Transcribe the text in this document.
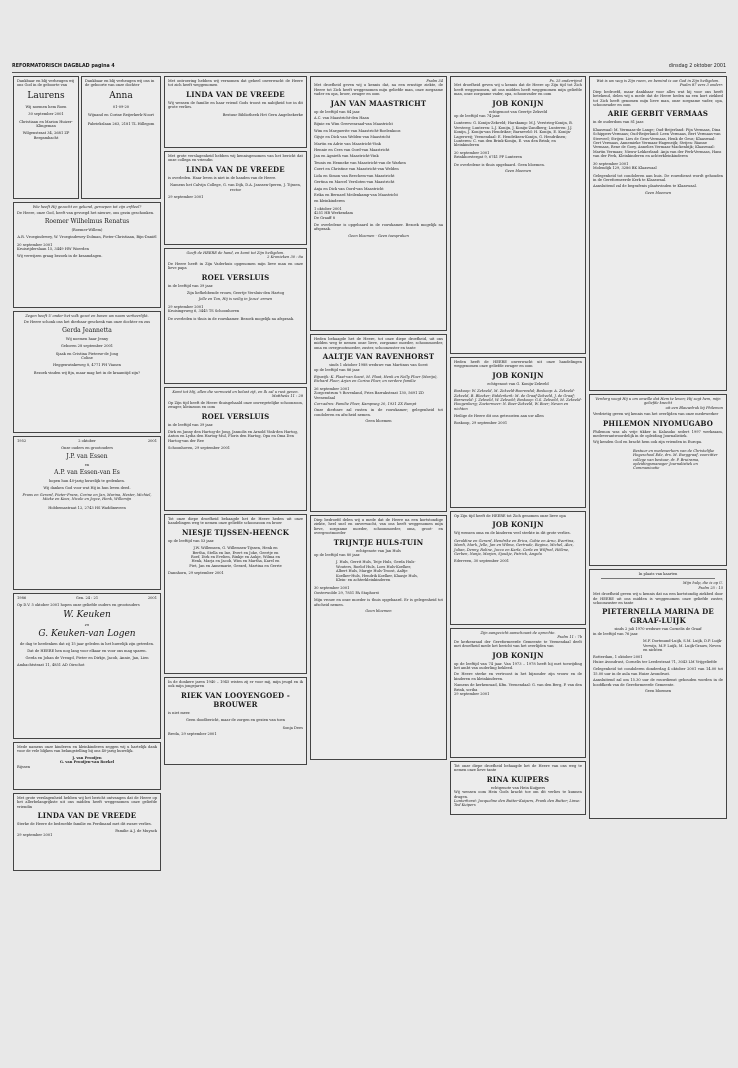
REFORMATORISCH DAGBLAD pagina 4	dinsdag 2 oktober 2001
Dankbaar en blij verheugen wij ons God in de geboorte van
Laurens
Wij noemen hem Roen
30 september 2001
Christiaan en Marion Huizer-Klingeman
Wilgenstraat 34, 2681 ZP Bergambacht
Dankbaar en blij verheugen wij ons in de geboorte van onze dochter
Anna
01-09-20
Wijnand en Corine Reijerkerk-Noort
Fabriekslaan 263, 2181 TL Hillegom
Wie heeft Hij gezocht en gekend, geroepen tot zijn erfdeel?
De Heere, onze God, heeft van gevoegd het nieuwe, ons gezin geschonken.
Roemer Wilhelmus Renatus
(Roemer-Willem)
A.R. Vroegindewey, W. Vroegindewey-Dolman, Pieter-Christiaan, Bijn-Daniël
20 september 2001
Kruisrijderslaan 15, 3449 HW Woerden
Wij verwijzen graag bezoek in de kraamdagen.
Zegen heeft U onder het volk gezet en boven uw naam verheerlijkt.
De Heere schonk ons het dierbaar geschenk van onze dochter en zus
Gerda Jeannetta
Wij noemen haar Jenny
Geboren 28 september 2001
Sjaak en Cristina Pieterse-de Jong
Coline
Heggenwinkeweg 8, 4771 PH Vianen
Bezoek vinden wij fijn, maar mag het in de kraamtijd zijn?
1952	2 oktober	2001
Onze ouders en grootouders
J.P. van Essen
en
A.P. van Essen-van Es
hopen hun 40-jarig huwelijk te gedenken.
Wij danken God voor wat Hij in hun leven deed.
Frans en Gerard, Pieter-Frans, Corine en Jan, Marina, Hester, Michiel, Mieke en Kees, Nicole en Joyce, Henk, Willemijn
Hobbemastraat 12, 2743 HS Waddinxveen
1986	Gen. 24 : 21	2001
Op D.V. 5 oktober 2001 hopen onze geliefde ouders en grootouders
W. Keuken
en
G. Keuken-van Logen
de dag te herdenken dat zij 15 jaar geleden in het huwelijk zijn getreden.
Dat de HEERE hen nog lang voor elkaar en voor ons mag sparen.
Gerda en Johan de Vreugd, Pieter en Dirkje, Jacob, Annie, Jan, Lien
Ambachtstraat 11, 4851 AD Oirschot
Mede namens onze kinderen en kleinkinderen zeggen wij u hartelijk dank voor de vele blijken van belangstelling bij ons 40-jarig huwelijk.
J. van Prooijen
G. van Prooijen-van Roekel
Rijssen
Met grote verslagenheid hebben wij het bericht ontvangen dat de Heere op het allerbelangrijkste uit ons midden heeft weggenomen onze geliefde vriendin
LINDA VAN DE VREEDE
Sterke de Heere de bedroefde familie en Ferdinand met dit zware verlies.
Familie A.J. de Muynck
29 september 2001
Met ontroering hebben wij vernomen dat geheel onverwacht de Heere tot zich heeft weggenomen
LINDA VAN DE VREEDE
Wij wensen de familie en haar vriend Gods troost en nabijheid toe in dit grote verlies.
Bestuur Bibliotheek Het Gern Angelsekerke
Met grote verslagenheid hebben wij kennisgenomen van het bericht dat onze collega en vriendin
LINDA VAN DE VREEDE
is overleden. Haar leven is niet in de handen van de Heere.
Namens het Calvijn College, G. van Dijk, D.A. Janssen-Iperen, J. Tijssen, rector
29 september 2001
Geeft de HEERE de hand, en komt tot Zijn heiligdom.
2 Kronieken 30 : 8a
De Heere heeft in Zijn Vaderhuis opgenomen mijn lieve man en onze lieve papa
ROEL VERSLUIS
in de leeftijd van 39 jaar.
Zijn liefhebbende vrouw, Geertje Versluis-den Hartog
Jelle en Ton, Hij is veilig in Jezus' armen
29 september 2001
Kruisingsweg 6, 3445 TS Schoonhoven
De overleden is thuis in de rouwkamer. Bezoek mogelijk na afspraak.
Komt tot Mij, allen die vermoeid en belast zijt, en Ik zal u rust geven.
Mattheüs 11 : 28
Op Zijn tijd heeft de Heere thuisgehaald onze onvergetelijke schoonzoon, zwager, kleinzoon en oom
ROEL VERSLUIS
in de leeftijd van 39 jaar.
Dirk en Janny den Hartog-de Jong, Jannolis en Arnold Vink-den Hartog, Anton en Lydia den Hartog-Mul, Floris den Hartog, Opa en Oma Den Hartog-van der Ree
Schoonhoven, 29 september 2001
Tot onze diepe droefheid behaagde het de Heere heden uit onze handelingen weg te nemen onze geliefde schoonzoon en broer
NIESJE TIJSSEN-HEENCK
op de leeftijd van 53 jaar.
J.W. Willemsen, G. Willemsen-Tijssen, Henk en Bertha, Stella en Ine, Evert en Joke, Geertje en Roef, Dirk en Evelien, Rinkje en Aukje, Wilma en Henk, Marja en Jacob, Wim en Martha, Karel en Piet, Jan en Annemarie, Gerard, Martina en Gerrie
Dannhorn, 29 september 2001
In de donkere jaren 1940 – 1945 wisten zij er voor mij, mijn jeugd en ik ook mijn jongejaren
RIEK VAN LOOYENGOED - BROUWER
is niet meer.
Geen doodbericht, maar de zorgen en gezien van toen
Sonja Dees
Breda, 29 september 2001
Psalm 34
Met droefheid geven wij u kennis dat, na een ernstige ziekte, de Heere tot Zich heeft weggenomen mijn geliefde man, onze zorgzame vader en opa, broer, zwager en oom
JAN VAN MAASTRICHT
op de leeftijd van 84 jaar.
A.C. van Maastricht-den Haan
Bijnie en Wim Greevenraad-van Maastricht
Wim en Marguerite van Maastricht-Roelenkoos
Gijsje en Dick van Welden-van Maastricht
Martin en Adrie van Maastricht-Vink
Hennie en Cees van Oord-van Maastricht
Jan en Agnieth van Maastricht-Vink
Teunis en Henneke van Maastricht-van de Warken
Coert en Christine van Maastricht-van Welden
Lida en Simon van Beechem-van Maastricht
Gertina en Marcel Versloten-van Maastricht
Anja en Dick van Oord-van Maastricht
Erika en Bernard Meilenkamp-van Maastricht
en kleinkinderen
1 oktober 2001
4251 HB Werkendam
De Graaff 8
De overledene is opgebaard in de rouwkamer. Bezoek mogelijk na afspraak.
Geen bloemen · Geen toespraken
Heden behaagde het de Heere, tot onze diepe droefheid, uit ons midden weg te nemen onze lieve, zorgzame moeder, schoonmoeder, oma en overgrootmoeder, zuster, schoonzuster en tante
AALTJE VAN RAVENHORST
sinds 1 oktober 1988 weduwe van Martinus van Soest
op de leeftijd van 86 jaar.
Rijswijk: K. Plaat-van Soest, M. Plaat, Henk en Nelly Ploer (Marija), Richard Ploer, Arjan en Corina Ploer, en verdere familie
26 september 2001
Zorgcentrum 't Bovenland, Fries Barrakstraat 130, 5691 ZD Veenendaal
Corr.adres: Familie Ploer, Kampweg 20, 1931 ZX Rumpt
Onze dierbare zal rusten in de rouwkamer; gelegenheid tot condoleren en afscheid nemen.
Geen bloemen
Diep bedroefd delen wij u mede dat de Heere na een kortstondige ziekte, heel snel en onverwacht, van ons heeft weggenomen mijn lieve, zorgzame moeder, schoonmoeder, oma, groot- en overgrootmoeder
TRIJNTJE HULS-TUIN
echtgenote van Jan Huls
op de leeftijd van 80 jaar.
J. Huls, Gerrit Huls, Teije Huls, Gerda Huls-Wouters, Roelof Huls, Loes Huls-Koelker, Albert Huls, Margje Huls-Troost, Aaltje Koelker-Huls, Hendrik Koelker, Klaasje Huls, Klein- en achterkleinkinderen
30 september 2001
Oosterwolde 29, 7851 PA Staphorst
Mijn vrouw en onze moeder is thuis opgebaard. Er is gelegenheid tot afscheid nemen.
Geen bloemen
Ps. 25 onderrijmd
Met droefheid geven wij u kennis dat de Heere op Zijn tijd tot Zich heeft weggenomen, uit ons midden heeft weggenomen mijn geliefde man, onze zorgzame vader, opa, schoonvader en oom
JOB KONIJN
echtgenoot van Geertje Zekveld
op de leeftijd van 74 jaar.
Lunteren: G. Konijn-Zekveld; Harskamp: M.J. Verstrieg-Konijn, B. Versteeg; Lunteren: L.J. Konijn, J. Konijn-Zandberg; Lunteren: J.J. Konijn, J. Konijn-van Hendrikse; Barneveld: H. Konijn, E. Konijn-Lagerweij; Veenendaal: E. Hendriksen-Konijn, G. Hendriksen; Lunteren: C. van den Brink-Konijn, E. van den Brink; en kleinkinderen
20 september 2001
Brinkhorstergat 9, 6741 PP Lunteren
De overledene is thuis opgebaard. Geen bloemen.
Geen bloemen
Heden heeft de HEERE onverwacht uit onze handelingen weggenomen onze geliefde zwager en oom
JOB KONIJN
echtgenoot van G. Konijn-Zekveld
Boskoop: W. Zekveld, M. Zekveld-Boerendal; Boskoop: A. Zekveld-Zekveld, B. Bleeker; Ridderkerk: M. de Graaf-Zekveld, J. de Graaf; Barneveld: J. Zekveld, W. Zekveld; Boskoop: G.S. Zekveld, M. Zekveld-Hoogenberg; Zoetermeer: N. Boer-Zekveld, W. Boer; Neven en nichten
Heilige de Heere dit ons getroosten aan uw allen
Boskoop, 29 september 2001
Op Zijn tijd heeft de HEERE tot Zich genomen onze lieve opa
JOB KONIJN
Wij wensen oma en de kinderen veel sterkte in dit grote verlies.
Geraldine en Gerard, Hendrike en Erica, Cobie en Arno, Evertina, Mardi, Mark, Jelle, Jan en Wilma, Gertrude, Regina, Michel, Alex, Julian, Denny, Roline, Jacco en Karla, Carla en Wilfred, Hélène, Gerben, Nanja, Marjan, Sjoukje, Patrick, Angela
Ederveen, 30 september 2001
Zijn aangezicht aanschouwt de oprechte.
Psalm 11 : 7b
De kerkenraad der Gereformeerde Gemeente te Veenendaal deelt met droefheid mede het bericht van het overlijden van
JOB KONIJN
op de leeftijd van 74 jaar. Van 1973 – 1978 heeft hij met toewijding het ambt van ouderling bekleed.
De Heere sterke en vertroost in het bijzonder zijn vrouw en de kinderen en kleinkinderen.
Namens de kerkenraad, Kfm. Veenendaal: G. van den Berg, P. van den Brink, scriba
29 september 2001
Tot onze diepe droefheid behaagde het de Heere van ons weg te nemen onze lieve tante
RINA KUIPERS
echtgenote van Hein Kuijpers
Wij wensen oom Hein Gods kracht toe om dit verlies te kunnen dragen.
Lunterhorst: Jacqueline den Butter-Kuipers, Frank den Butter; Linse: Ted Kuipers
Wat is uw weg is Zijn roem, en bemind is uw God in Zijn heiligdom.
Psalm 87 vers 3 onderr.
Diep bedroefd, maar dankbaar voor alles wat hij voor ons heeft betekend, delen wij u mede dat de Heere heden na een kort ziekbed tot Zich heeft genomen mijn lieve man, onze zorgzame vader, opa, schoonvader en oom
ARIE GERBIT VERMAAS
in de ouderdom van 81 jaar.
Klaaswaal: M. Vermaas-de Lange; Oud-Beijerland: Fijn Vermaas, Dina Schippers-Vermaas; Oud-Beijerland: Leen Vermaas, Bert Vermaas-van Steeveel; Strijen: Lies de Geus-Vermaas, Henk de Geus; Klaaswaal: Gert Vermaas, Annemieke Vermaas-Hageneijk; Strijen: Rianne Vermaas, Rene de Goey, Annelies Vermaas-Mackenbijk; Klaaswaal: Martin Vermaas; Nieuw-Lekkerland: Anja van der Ferk-Vermaas, Hans van der Ferk, Kleinkinderen en achterkleinkinderen
30 september 2001
Molendijk 129, 3286 BK Klaaswaal
Gelegenheid tot condoleren aan huis. De rouwdienst wordt gehouden in de Gereformeerde Kerk te Klaaswaal.
Aansluitend zal de begrafenis plaatsvinden te Klaaswaal.
Geen bloemen
Verdorg voegt Hij u om onwille dat Hem te leven; Hij zegt hem, mijn geliefde knecht
uit een Blauwdruk bij Philemon
Verdrietig geven wij kennis van het overlijden van onze medewerker
PHILEMON NIYOMUGABO
Philemon was als vrije tikker in Kalasoko sedert 1997 werkzaam, medeverantwoordelijk in de opleiding Journalistiek.
Wij kenden God en bracht hem ook zijn vrienden in Europa.
Bestuur en medewerkers van de Christelijke Hogeschool Ede, drs. M. Burggraaf, voorzitter college van bestuur, dr. P. Bruinsma, opleidingsmanager Journalistiek en Communicatie
In plaats van kaarten
Mijn hulp, die is op U.
Psalm 25 : 15
Met droefheid geven wij u kennis dat na een kortstondig ziekbed door de HEERE uit ons midden is weggenomen onze geliefde zuster, schoonzuster en tante
PIETERNELLA MARINA DE GRAAF-LUIJK
sinds 2 juli 1970 weduwe van Cornelis de Graaf
in de leeftijd van 76 jaar.
M.F. Dortmund-Luijk, S.M. Luijk, D.P. Luijk-Verwijs, M.P. Luijk, M. Luijk-Grauw, Neven en nichten
Rotterdam, 1 oktober 2001
Huize Avondrust, Cornelis ter Leedestraat 71, 3043 LM Vrijgeliefde
Gelegenheid tot condoleren donderdag 4 oktober 2001 van 14.00 tot 15.00 uur in de aula van Huize Avondrust.
Aansluitend zal om 15.30 uur de rouwdienst gehouden worden in de hoofdkerk van de Gereformeerde Gemeente.
Geen bloemen
